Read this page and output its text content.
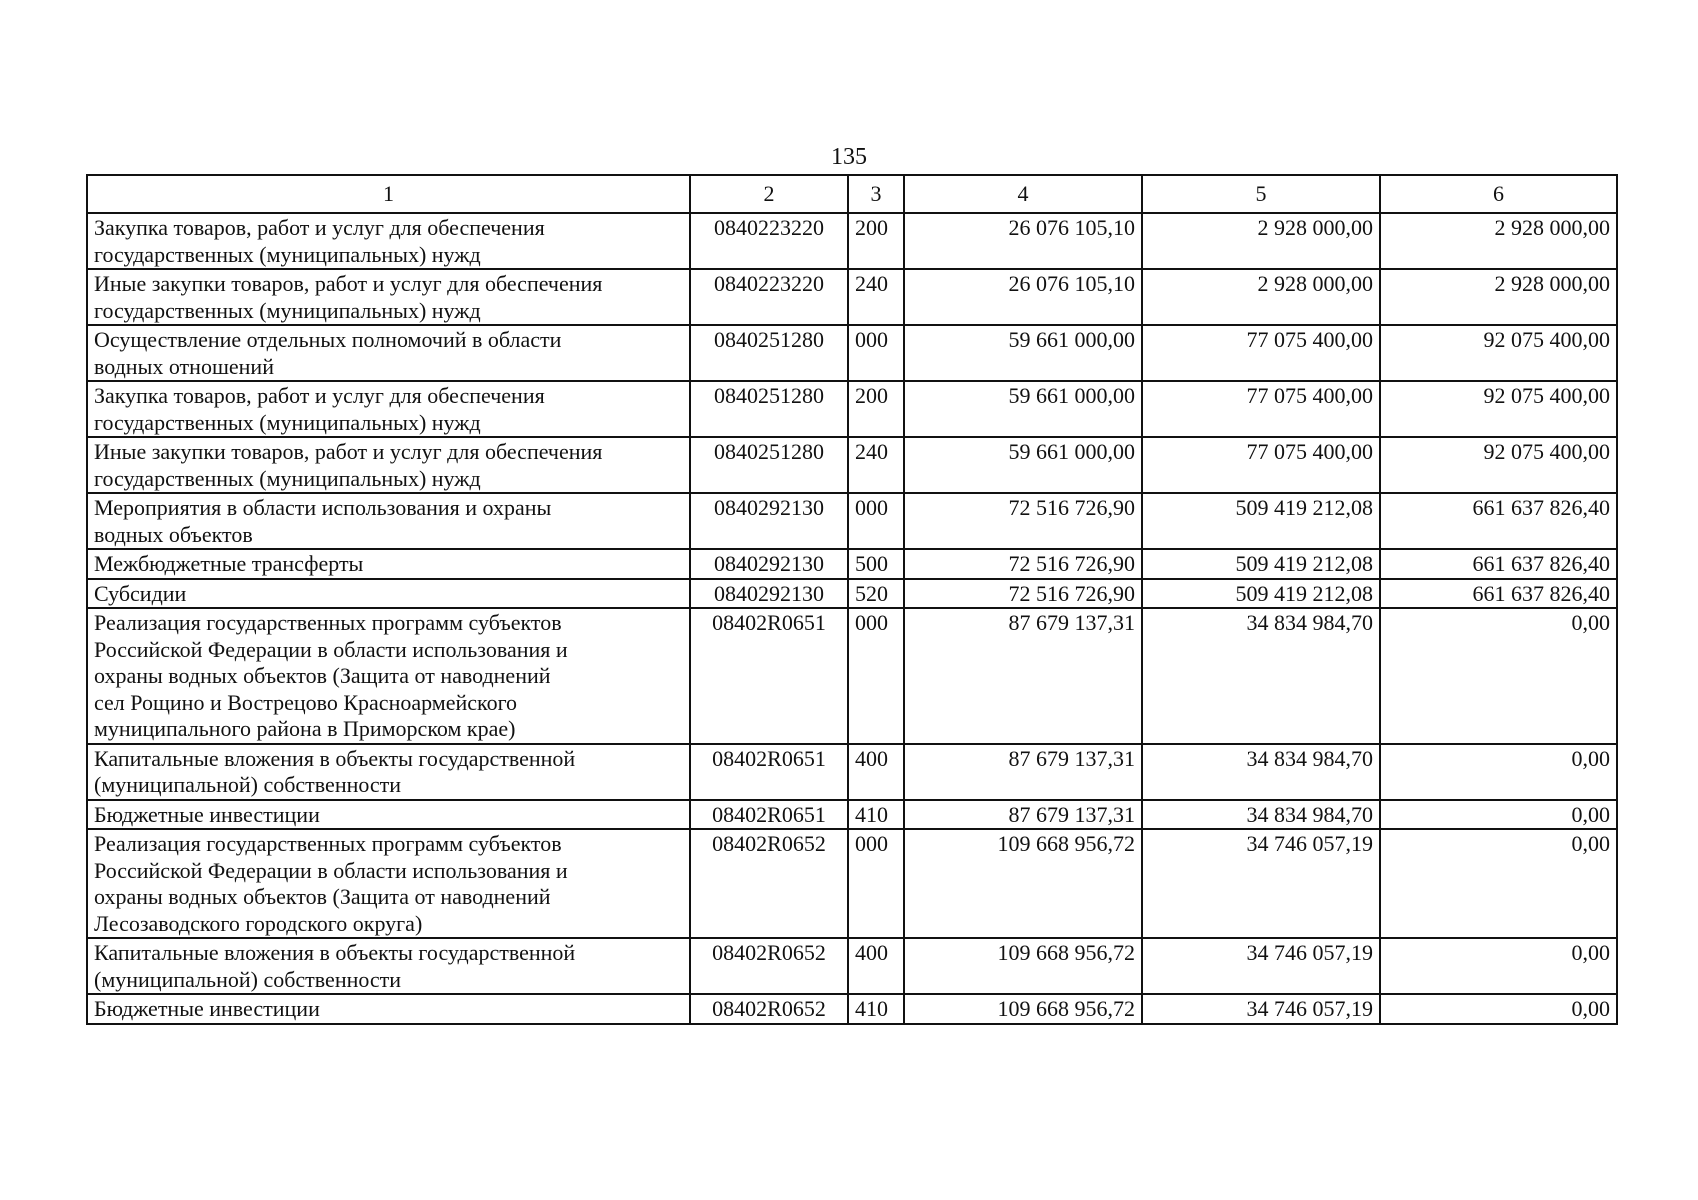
135
1	2	3	4	5	6

Закупка товаров, работ и услуг для обеспечения
государственных (муниципальных) нужд	0840223220	200	26 076 105,10	2 928 000,00	2 928 000,00

Иные закупки товаров, работ и услуг для обеспечения
государственных (муниципальных) нужд	0840223220	240	26 076 105,10	2 928 000,00	2 928 000,00

Осуществление отдельных полномочий в области
водных отношений	0840251280	000	59 661 000,00	77 075 400,00	92 075 400,00

Закупка товаров, работ и услуг для обеспечения
государственных (муниципальных) нужд	0840251280	200	59 661 000,00	77 075 400,00	92 075 400,00

Иные закупки товаров, работ и услуг для обеспечения
государственных (муниципальных) нужд	0840251280	240	59 661 000,00	77 075 400,00	92 075 400,00

Мероприятия в области использования и охраны
водных объектов	0840292130	000	72 516 726,90	509 419 212,08	661 637 826,40

Межбюджетные трансферты	0840292130	500	72 516 726,90	509 419 212,08	661 637 826,40

Субсидии	0840292130	520	72 516 726,90	509 419 212,08	661 637 826,40

Реализация государственных программ субъектов
Российской Федерации в области использования и
охраны водных объектов (Защита от наводнений
сел Рощино и Вострецово Красноармейского
муниципального района в Приморском крае)	08402R0651	000	87 679 137,31	34 834 984,70	0,00

Капитальные вложения в объекты государственной
(муниципальной) собственности	08402R0651	400	87 679 137,31	34 834 984,70	0,00

Бюджетные инвестиции	08402R0651	410	87 679 137,31	34 834 984,70	0,00

Реализация государственных программ субъектов
Российской Федерации в области использования и
охраны водных объектов (Защита от наводнений
Лесозаводского городского округа)	08402R0652	000	109 668 956,72	34 746 057,19	0,00

Капитальные вложения в объекты государственной
(муниципальной) собственности	08402R0652	400	109 668 956,72	34 746 057,19	0,00

Бюджетные инвестиции	08402R0652	410	109 668 956,72	34 746 057,19	0,00
